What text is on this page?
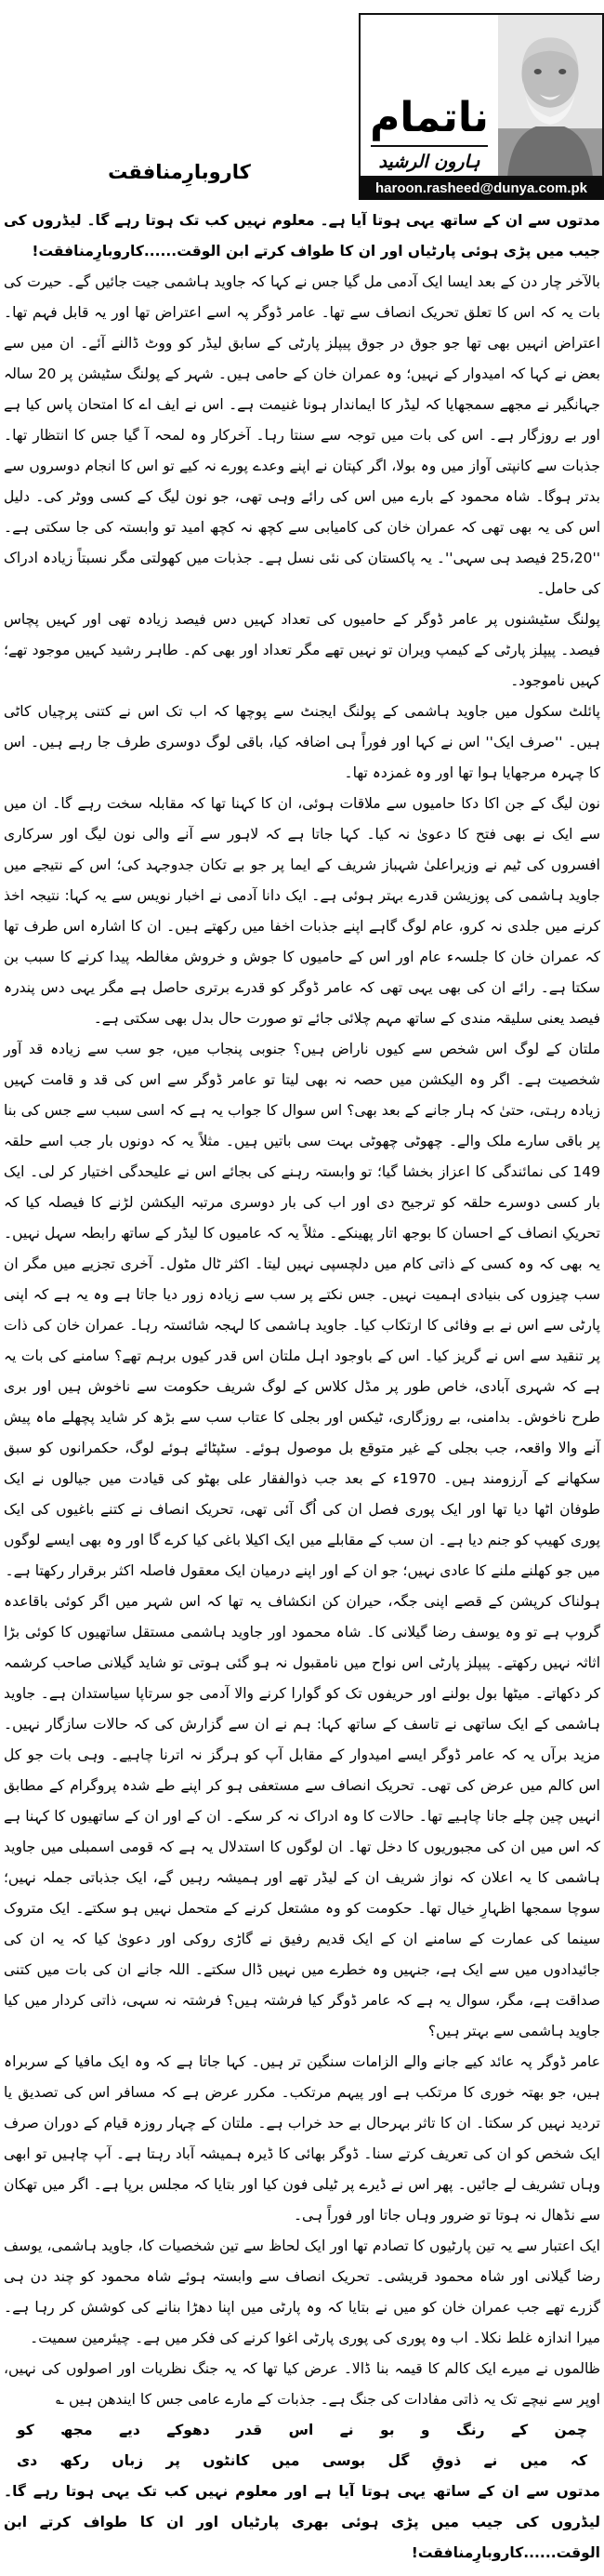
ناتمام
ہارون الرشید
haroon.rasheed@dunya.com.pk
کاروبارِمنافقت

مدتوں سے ان کے ساتھ یہی ہوتا آیا ہے۔ معلوم نہیں کب تک ہوتا رہے گا۔ لیڈروں کی جیب میں پڑی ہوئی پارٹیاں اور ان کا طواف کرتے ابن الوقت......کاروبارِمنافقت!

بالآخر چار دن کے بعد ایسا ایک آدمی مل گیا جس نے کہا کہ جاوید ہاشمی جیت جائیں گے۔ حیرت کی بات یہ کہ اس کا تعلق تحریک انصاف سے تھا۔ عامر ڈوگر پہ اسے اعتراض تھا اور یہ قابل فہم تھا۔ اعتراض انہیں بھی تھا جو جوق در جوق پیپلز پارٹی کے سابق لیڈر کو ووٹ ڈالنے آئے۔ ان میں سے بعض نے کہا کہ امیدوار کے نہیں؛ وہ عمران خان کے حامی ہیں۔ شہر کے پولنگ سٹیشن پر 20 سالہ جہانگیر نے مجھے سمجھایا کہ لیڈر کا ایماندار ہونا غنیمت ہے۔ اس نے ایف اے کا امتحان پاس کیا ہے اور بے روزگار ہے۔ اس کی بات میں توجہ سے سنتا رہا۔ آخرکار وہ لمحہ آ گیا جس کا انتظار تھا۔ جذبات سے کانپتی آواز میں وہ بولا، اگر کپتان نے اپنے وعدے پورے نہ کیے تو اس کا انجام دوسروں سے بدتر ہوگا۔ شاہ محمود کے بارے میں اس کی رائے وہی تھی، جو نون لیگ کے کسی ووٹر کی۔ دلیل اس کی یہ بھی تھی کہ عمران خان کی کامیابی سے کچھ نہ کچھ امید تو وابستہ کی جا سکتی ہے۔ ''25،20 فیصد ہی سہی''۔ یہ پاکستان کی نئی نسل ہے۔ جذبات میں کھولتی مگر نسبتاً زیادہ ادراک کی حامل۔

پولنگ سٹیشنوں پر عامر ڈوگر کے حامیوں کی تعداد کہیں دس فیصد زیادہ تھی اور کہیں پچاس فیصد۔ پیپلز پارٹی کے کیمپ ویران تو نہیں تھے مگر تعداد اور بھی کم۔ طاہر رشید کہیں موجود تھے؛ کہیں ناموجود۔

پائلٹ سکول میں جاوید ہاشمی کے پولنگ ایجنٹ سے پوچھا کہ اب تک اس نے کتنی پرچیاں کاٹی ہیں۔ ''صرف ایک'' اس نے کہا اور فوراً ہی اضافہ کیا، باقی لوگ دوسری طرف جا رہے ہیں۔ اس کا چہرہ مرجھایا ہوا تھا اور وہ غمزدہ تھا۔

نون لیگ کے جن اکا دکا حامیوں سے ملاقات ہوئی، ان کا کہنا تھا کہ مقابلہ سخت رہے گا۔ ان میں سے ایک نے بھی فتح کا دعویٰ نہ کیا۔ کہا جاتا ہے کہ لاہور سے آنے والی نون لیگ اور سرکاری افسروں کی ٹیم نے وزیراعلیٰ شہباز شریف کے ایما پر جو بے تکان جدوجہد کی؛ اس کے نتیجے میں جاوید ہاشمی کی پوزیشن قدرے بہتر ہوئی ہے۔ ایک دانا آدمی نے اخبار نویس سے یہ کہا: نتیجہ اخذ کرنے میں جلدی نہ کرو، عام لوگ گاہے اپنے جذبات اخفا میں رکھتے ہیں۔ ان کا اشارہ اس طرف تھا کہ عمران خان کا جلسہء عام اور اس کے حامیوں کا جوش و خروش مغالطہ پیدا کرنے کا سبب بن سکتا ہے۔ رائے ان کی بھی یہی تھی کہ عامر ڈوگر کو قدرے برتری حاصل ہے مگر یہی دس پندرہ فیصد یعنی سلیقہ مندی کے ساتھ مہم چلائی جائے تو صورت حال بدل بھی سکتی ہے۔

ملتان کے لوگ اس شخص سے کیوں ناراض ہیں؟ جنوبی پنجاب میں، جو سب سے زیادہ قد آور شخصیت ہے۔ اگر وہ الیکشن میں حصہ نہ بھی لیتا تو عامر ڈوگر سے اس کی قد و قامت کہیں زیادہ رہتی، حتیٰ کہ ہار جانے کے بعد بھی؟ اس سوال کا جواب یہ ہے کہ اسی سبب سے جس کی بنا پر باقی سارے ملک والے۔ چھوٹی چھوٹی بہت سی باتیں ہیں۔ مثلاً یہ کہ دونوں بار جب اسے حلقہ 149 کی نمائندگی کا اعزاز بخشا گیا؛ تو وابستہ رہنے کی بجائے اس نے علیحدگی اختیار کر لی۔ ایک بار کسی دوسرے حلقہ کو ترجیح دی اور اب کی بار دوسری مرتبہ الیکشن لڑنے کا فیصلہ کیا کہ تحریکِ انصاف کے احسان کا بوجھ اتار پھینکے۔ مثلاً یہ کہ عامیوں کا لیڈر کے ساتھ رابطہ سہل نہیں۔ یہ بھی کہ وہ کسی کے ذاتی کام میں دلچسپی نہیں لیتا۔ اکثر ٹال مٹول۔ آخری تجزیے میں مگر ان سب چیزوں کی بنیادی اہمیت نہیں۔ جس نکتے پر سب سے زیادہ زور دیا جاتا ہے وہ یہ ہے کہ اپنی پارٹی سے اس نے بے وفائی کا ارتکاب کیا۔ جاوید ہاشمی کا لہجہ شائستہ رہا۔ عمران خان کی ذات پر تنقید سے اس نے گریز کیا۔ اس کے باوجود اہل ملتان اس قدر کیوں برہم تھے؟ سامنے کی بات یہ ہے کہ شہری آبادی، خاص طور پر مڈل کلاس کے لوگ شریف حکومت سے ناخوش ہیں اور بری طرح ناخوش۔ بدامنی، بے روزگاری، ٹیکس اور بجلی کا عتاب سب سے بڑھ کر شاید پچھلے ماہ پیش آنے والا واقعہ، جب بجلی کے غیر متوقع بل موصول ہوئے۔ سٹپٹائے ہوئے لوگ، حکمرانوں کو سبق سکھانے کے آرزومند ہیں۔ 1970ء کے بعد جب ذوالفقار علی بھٹو کی قیادت میں جیالوں نے ایک طوفان اٹھا دیا تھا اور ایک پوری فصل ان کی اُگ آئی تھی، تحریک انصاف نے کتنے باغیوں کی ایک پوری کھیپ کو جنم دیا ہے۔ ان سب کے مقابلے میں ایک اکیلا باغی کیا کرے گا اور وہ بھی ایسے لوگوں میں جو کھلنے ملنے کا عادی نہیں؛ جو ان کے اور اپنے درمیان ایک معقول فاصلہ اکثر برقرار رکھتا ہے۔

ہولناک کرپشن کے قصے اپنی جگہ، حیران کن انکشاف یہ تھا کہ اس شہر میں اگر کوئی باقاعدہ گروپ ہے تو وہ یوسف رضا گیلانی کا۔ شاہ محمود اور جاوید ہاشمی مستقل ساتھیوں کا کوئی بڑا اثاثہ نہیں رکھتے۔ پیپلز پارٹی اس نواح میں نامقبول نہ ہو گئی ہوتی تو شاید گیلانی صاحب کرشمہ کر دکھاتے۔ میٹھا بول بولنے اور حریفوں تک کو گوارا کرنے والا آدمی جو سرتاپا سیاستدان ہے۔ جاوید ہاشمی کے ایک ساتھی نے تاسف کے ساتھ کہا: ہم نے ان سے گزارش کی کہ حالات سازگار نہیں۔ مزید برآں یہ کہ عامر ڈوگر ایسے امیدوار کے مقابل آپ کو ہرگز نہ اترنا چاہیے۔ وہی بات جو کل اس کالم میں عرض کی تھی۔ تحریک انصاف سے مستعفی ہو کر اپنے طے شدہ پروگرام کے مطابق انہیں چین چلے جانا چاہیے تھا۔ حالات کا وہ ادراک نہ کر سکے۔ ان کے اور ان کے ساتھیوں کا کہنا ہے کہ اس میں ان کی مجبوریوں کا دخل تھا۔ ان لوگوں کا استدلال یہ ہے کہ قومی اسمبلی میں جاوید ہاشمی کا یہ اعلان کہ نواز شریف ان کے لیڈر تھے اور ہمیشہ رہیں گے، ایک جذباتی جملہ نہیں؛ سوچا سمجھا اظہارِ خیال تھا۔ حکومت کو وہ مشتعل کرنے کے متحمل نہیں ہو سکتے۔ ایک متروک سینما کی عمارت کے سامنے ان کے ایک قدیم رفیق نے گاڑی روکی اور دعویٰ کیا کہ یہ ان کی جائیدادوں میں سے ایک ہے، جنہیں وہ خطرے میں نہیں ڈال سکتے۔ اللہ جانے ان کی بات میں کتنی صداقت ہے، مگر، سوال یہ ہے کہ عامر ڈوگر کیا فرشتہ ہیں؟ فرشتہ نہ سہی، ذاتی کردار میں کیا جاوید ہاشمی سے بہتر ہیں؟

عامر ڈوگر پہ عائد کیے جانے والے الزامات سنگین تر ہیں۔ کہا جاتا ہے کہ وہ ایک مافیا کے سربراہ ہیں، جو بھتہ خوری کا مرتکب ہے اور پیہم مرتکب۔ مکرر عرض ہے کہ مسافر اس کی تصدیق یا تردید نہیں کر سکتا۔ ان کا تاثر بہرحال بے حد خراب ہے۔ ملتان کے چہار روزہ قیام کے دوران صرف ایک شخص کو ان کی تعریف کرتے سنا۔ ڈوگر بھائی کا ڈیرہ ہمیشہ آباد رہتا ہے۔ آپ چاہیں تو ابھی وہاں تشریف لے جائیں۔ پھر اس نے ڈیرے پر ٹیلی فون کیا اور بتایا کہ مجلس برپا ہے۔ اگر میں تھکان سے نڈھال نہ ہوتا تو ضرور وہاں جاتا اور فوراً ہی۔

ایک اعتبار سے یہ تین پارٹیوں کا تصادم تھا اور ایک لحاظ سے تین شخصیات کا، جاوید ہاشمی، یوسف رضا گیلانی اور شاہ محمود قریشی۔ تحریک انصاف سے وابستہ ہوئے شاہ محمود کو چند دن ہی گزرے تھے جب عمران خان کو میں نے بتایا کہ وہ پارٹی میں اپنا دھڑا بنانے کی کوشش کر رہا ہے۔ میرا اندازہ غلط نکلا۔ اب وہ پوری کی پوری پارٹی اغوا کرنے کی فکر میں ہے۔ چیئرمین سمیت۔

ظالموں نے میرے ایک کالم کا قیمہ بنا ڈالا۔ عرض کیا تھا کہ یہ جنگ نظریات اور اصولوں کی نہیں، اوپر سے نیچے تک یہ ذاتی مفادات کی جنگ ہے۔ جذبات کے مارے عامی جس کا ایندھن ہیں ؎

چمن کے رنگ و بو نے اس قدر دھوکے دیے مجھ کو
کہ میں نے ذوقِ گل بوسی میں کانٹوں پر زباں رکھ دی

مدتوں سے ان کے ساتھ یہی ہوتا آیا ہے اور معلوم نہیں کب تک یہی ہوتا رہے گا۔ لیڈروں کی جیب میں پڑی ہوئی بھری پارٹیاں اور ان کا طواف کرتے ابن الوقت......کاروبارِمنافقت!
